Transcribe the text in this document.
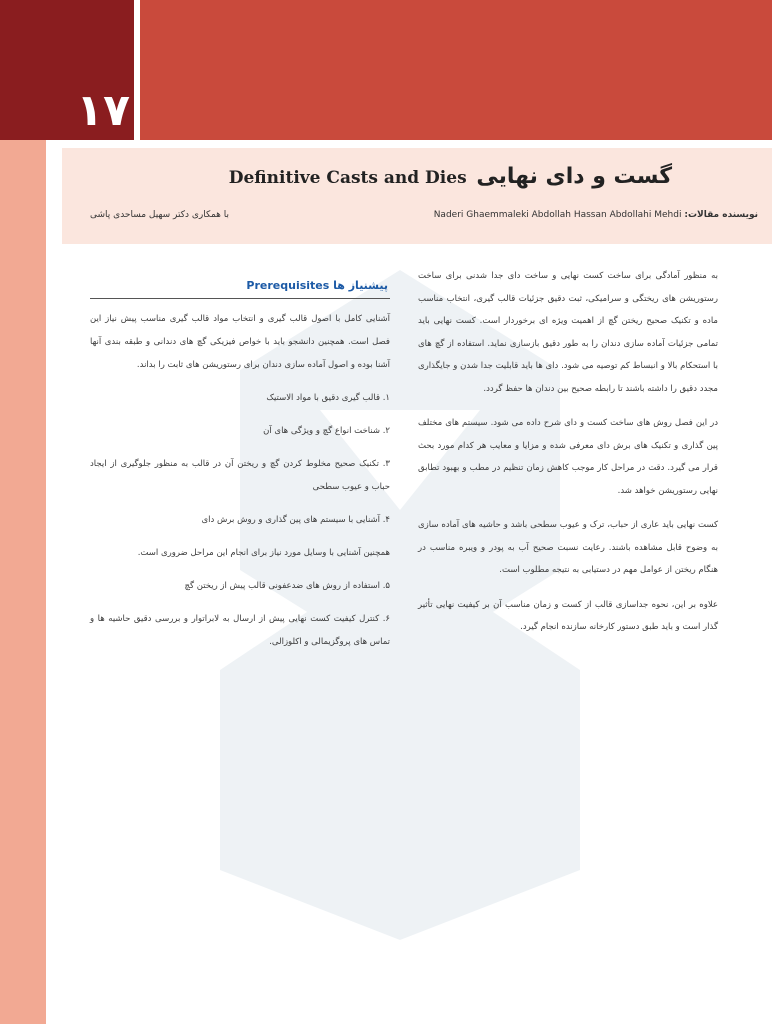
۱۷
گست و دای نهایی Definitive Casts and Dies
نویسنده مقالات: Naderi Ghaemmaleki Abdollah Hassan Abdollahi Mehdi
با همکاری دکتر سهیل مساحدی پاشی

به منظور آمادگی برای ساخت کست نهایی و ساخت دای جدا شدنی برای ساخت رستوریشن های ریختگی و سرامیکی، ثبت دقیق جزئیات قالب گیری، انتخاب مناسب ماده و تکنیک صحیح ریختن گچ از اهمیت ویژه ای برخوردار است. کست نهایی باید تمامی جزئیات آماده سازی دندان را به طور دقیق بازسازی نماید. استفاده از گچ های با استحکام بالا و انبساط کم توصیه می شود. دای ها باید قابلیت جدا شدن و جایگذاری مجدد دقیق را داشته باشند تا رابطه صحیح بین دندان ها حفظ گردد.

در این فصل روش های ساخت کست و دای شرح داده می شود. سیستم های مختلف پین گذاری و تکنیک های برش دای معرفی شده و مزایا و معایب هر کدام مورد بحث قرار می گیرد. دقت در مراحل کار موجب کاهش زمان تنظیم در مطب و بهبود تطابق نهایی رستوریشن خواهد شد.

کست نهایی باید عاری از حباب، ترک و عیوب سطحی باشد و حاشیه های آماده سازی به وضوح قابل مشاهده باشند. رعایت نسبت صحیح آب به پودر و ویبره مناسب در هنگام ریختن از عوامل مهم در دستیابی به نتیجه مطلوب است.

علاوه بر این، نحوه جداسازی قالب از کست و زمان مناسب آن بر کیفیت نهایی تأثیر گذار است و باید طبق دستور کارخانه سازنده انجام گیرد.

پیشنیاز ها Prerequisites

آشنایی کامل با اصول قالب گیری و انتخاب مواد قالب گیری مناسب پیش نیاز این فصل است. همچنین دانشجو باید با خواص فیزیکی گچ های دندانی و طبقه بندی آنها آشنا بوده و اصول آماده سازی دندان برای رستوریشن های ثابت را بداند.

۱. قالب گیری دقیق با مواد الاستیک

۲. شناخت انواع گچ و ویژگی های آن

۳. تکنیک صحیح مخلوط کردن گچ و ریختن آن در قالب به منظور جلوگیری از ایجاد حباب و عیوب سطحی

۴. آشنایی با سیستم های پین گذاری و روش برش دای

همچنین آشنایی با وسایل مورد نیاز برای انجام این مراحل ضروری است.

۵. استفاده از روش های ضدعفونی قالب پیش از ریختن گچ

۶. کنترل کیفیت کست نهایی پیش از ارسال به لابراتوار و بررسی دقیق حاشیه ها و تماس های پروگزیمالی و اکلوزالی.
